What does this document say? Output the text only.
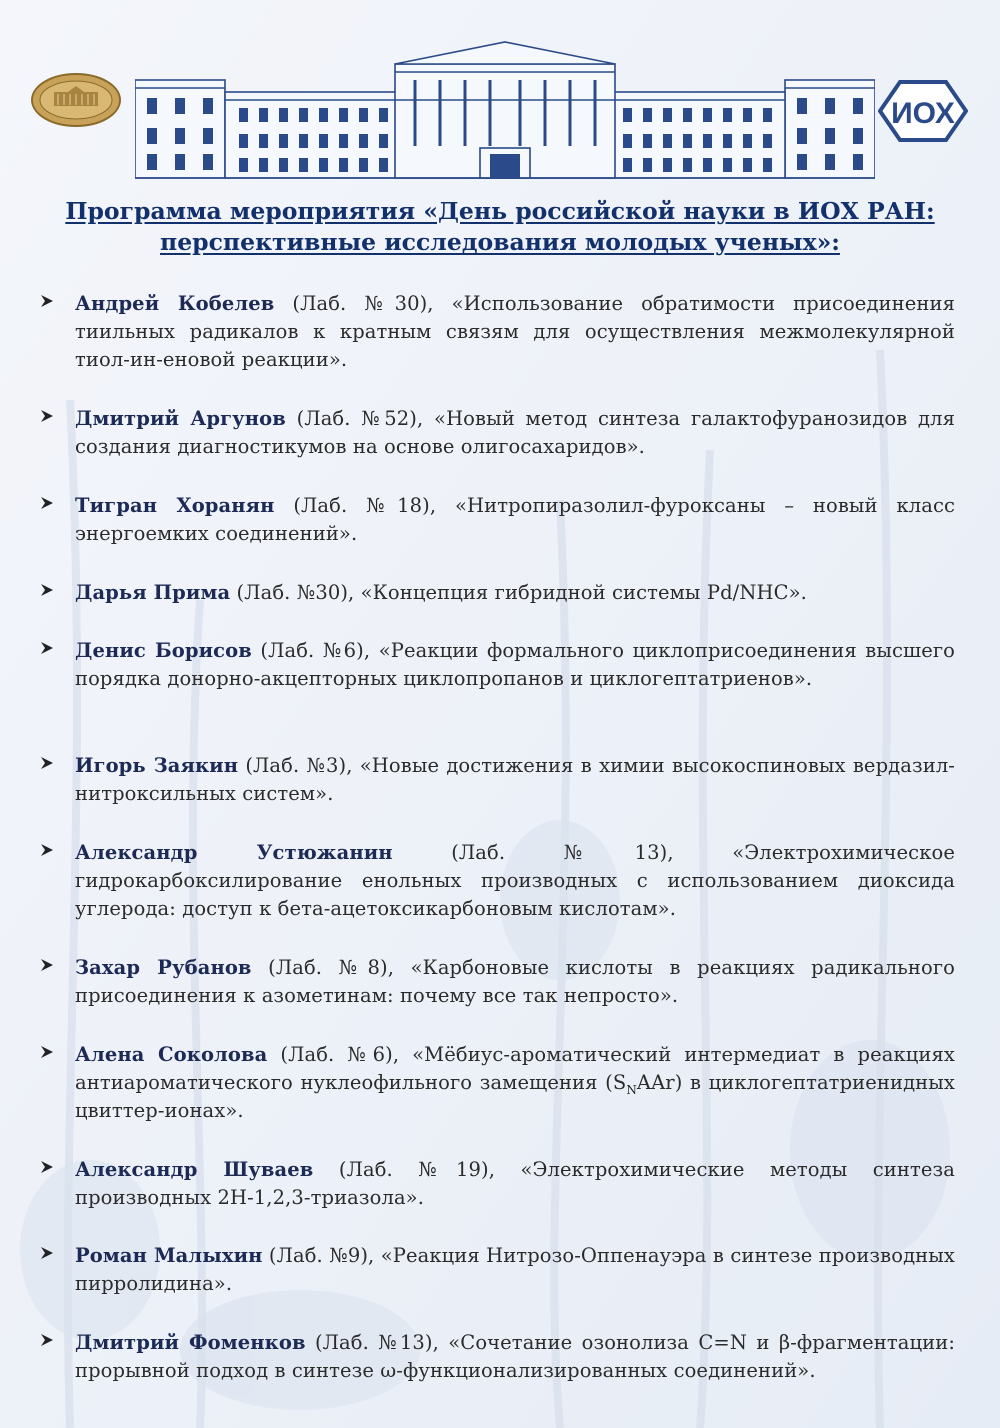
ИОХ
Программа мероприятия «День российской науки в ИОХ РАН: перспективные исследования молодых ученых»:
Андрей Кобелев (Лаб. №30), «Использование обратимости присоединения тиильных радикалов к кратным связям для осуществления межмолекулярной тиол-ин-еновой реакции».
Дмитрий Аргунов (Лаб. №52), «Новый метод синтеза галактофуранозидов для создания диагностикумов на основе олигосахаридов».
Тигран Хоранян (Лаб. №18), «Нитропиразолил-фуроксаны – новый класс энергоемких соединений».
Дарья Прима (Лаб. №30), «Концепция гибридной системы Pd/NHC».
Денис Борисов (Лаб. №6), «Реакции формального циклоприсоединения высшего порядка донорно-акцепторных циклопропанов и циклогептатриенов».
Игорь Заякин (Лаб. №3), «Новые достижения в химии высокоспиновых вердазил-нитроксильных систем».
Александр Устюжанин (Лаб. №13), «Электрохимическое гидрокарбоксилирование енольных производных с использованием диоксида углерода: доступ к бета-ацетоксикарбоновым кислотам».
Захар Рубанов (Лаб. №8), «Карбоновые кислоты в реакциях радикального присоединения к азометинам: почему все так непросто».
Алена Соколова (Лаб. №6), «Мёбиус-ароматический интермедиат в реакциях антиароматического нуклеофильного замещения $(S_NAAr)$ в циклогептатриенидных цвиттер-ионах».
Александр Шуваев (Лаб. №19), «Электрохимические методы синтеза производных 2H-1,2,3-триазола».
Роман Малыхин (Лаб. №9), «Реакция Нитрозо-Оппенауэра в синтезе производных пирролидина».
Дмитрий Фоменков (Лаб. №13), «Сочетание озонолиза C=N и β-фрагментации: прорывной подход в синтезе ω-функционализированных соединений».
